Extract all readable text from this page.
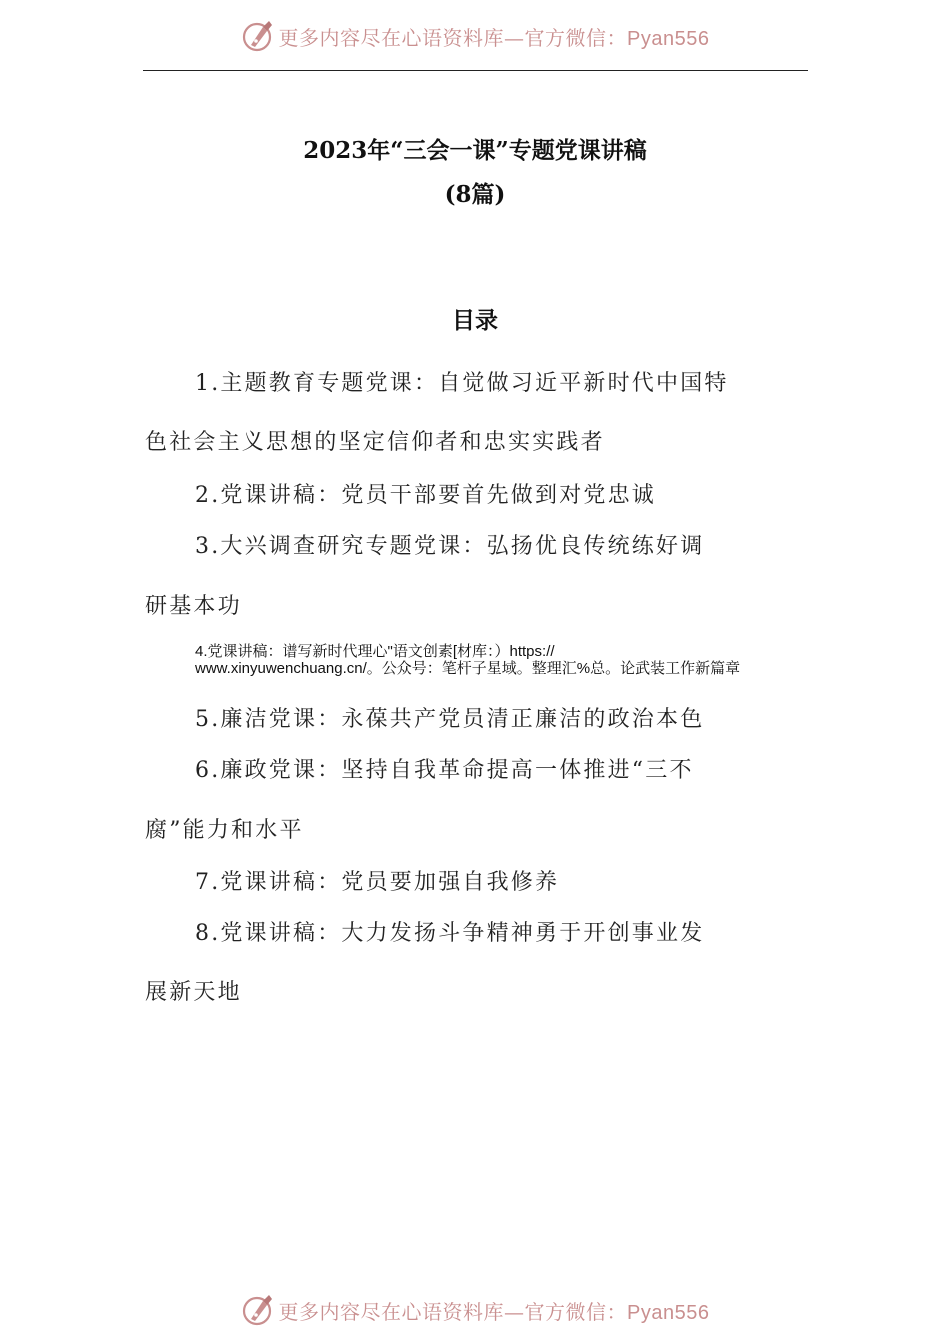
更多内容尽在心语资料库—官方微信：Pyan556
2023年“三会一课”专题党课讲稿
(8篇)
目录
1.主题教育专题党课：自觉做习近平新时代中国特
色社会主义思想的坚定信仰者和忠实实践者
2.党课讲稿：党员干部要首先做到对党忠诚
3.大兴调查研究专题党课：弘扬优良传统练好调
研基本功
4.党课讲稿：谱写新时代理心"语文创素[材库：）https://
www.xinyuwenchuang.cn/。公众号：笔杆子星域。整理汇%总。论武装工作新篇章
5.廉洁党课：永葆共产党员清正廉洁的政治本色
6.廉政党课：坚持自我革命提高一体推进“三不
腐”能力和水平
7.党课讲稿：党员要加强自我修养
8.党课讲稿：大力发扬斗争精神勇于开创事业发
展新天地
更多内容尽在心语资料库—官方微信：Pyan556
